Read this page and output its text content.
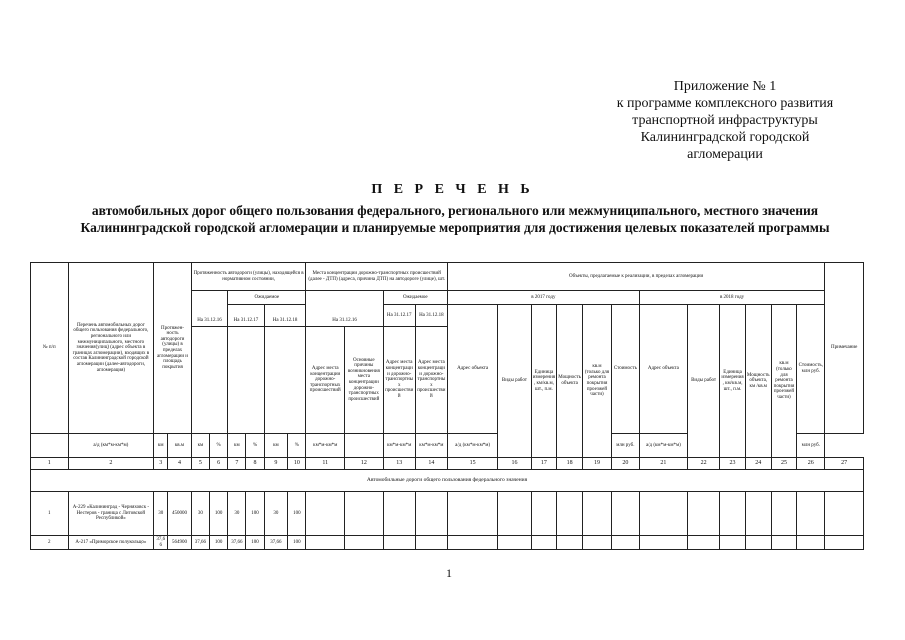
Приложение № 1
к программе комплексного развития
транспортной инфраструктуры
Калининградской городской
агломерации
П Е Р Е Ч Е Н Ь
автомобильных дорог общего пользования федерального, регионального или межмуниципального, местного значения Калининградской городской агломерации и планируемые мероприятия для достижения целевых показателей программы
№ п/п	Перечень автомобильных дорог общего пользования федерального, регионального или межмуниципального, местного значения(улиц) (адрес объекта в границах агломерации), входящих в состав Калининградской городской агломерации (далее-автодороги, агломерация)	Протяжен-ность автодороги (улицы) в пределах агломерации и площадь покрытия		Протяженность автодороги (улицы), находящейся в нормативном состоянии,						Места концентрации дорожно-транспортных происшествий (далее - ДТП) (адреса, причина ДТП) на автодороге (улице), шт.				Объекты, предлагаемые к реализации, в пределах агломерации												Примечание
				На 31.12.16		Ожидаемое				На 31.12.16		Ожидаемое		в 2017 году						в 2018 году						
						На 31.12.17		На 31.12.18				На 31.12.17	На 31.12.18	Адрес объекта	Виды работ	Единица измерения, км/кв.м, шт., п.м.	Мощность объекта	кв.м (только для ремонта покрытия проезжей части)	Стоимость	Адрес объекта	Виды работ	Единица измерения, км/кв.м, шт., п.м.	Мощность объекта, км /кв.м	кв.м (только для ремонта покрытия проезжей части)	Стоимость, млн руб.	
										Адрес места концентрации дорожно-транспортных происшествий	Основные причины возникновения места концентрации дорожно-транспортных происшествий	Адрес места концентрации дорожно-транспортных происшествий	Адрес места концентрации дорожно-транспортных происшествий													
	а/д (км*м-км*м)	км	кв.м	км	%	км	%	км	%	км*м-км*м		км*м-км*м	км*м-км*м	а/д (км*м-км*м)					млн руб.	а/д (км*м-км*м)					млн руб.	
1	2	3	4	5	6	7	8	9	10	11	12	13	14	15	16	17	18	19	20	21	22	23	24	25	26	27
Автомобильные дороги общего пользования федерального значения																										
1	А-229 «Калининград - Черняховск - Нестеров - граница с Литовской Республикой»	30	450000	30	100	30	100	30	100																	
2	А-217 «Приморское полукольцо»	37,66	564900	37,66	100	37,66	100	37,66	100																	
1
